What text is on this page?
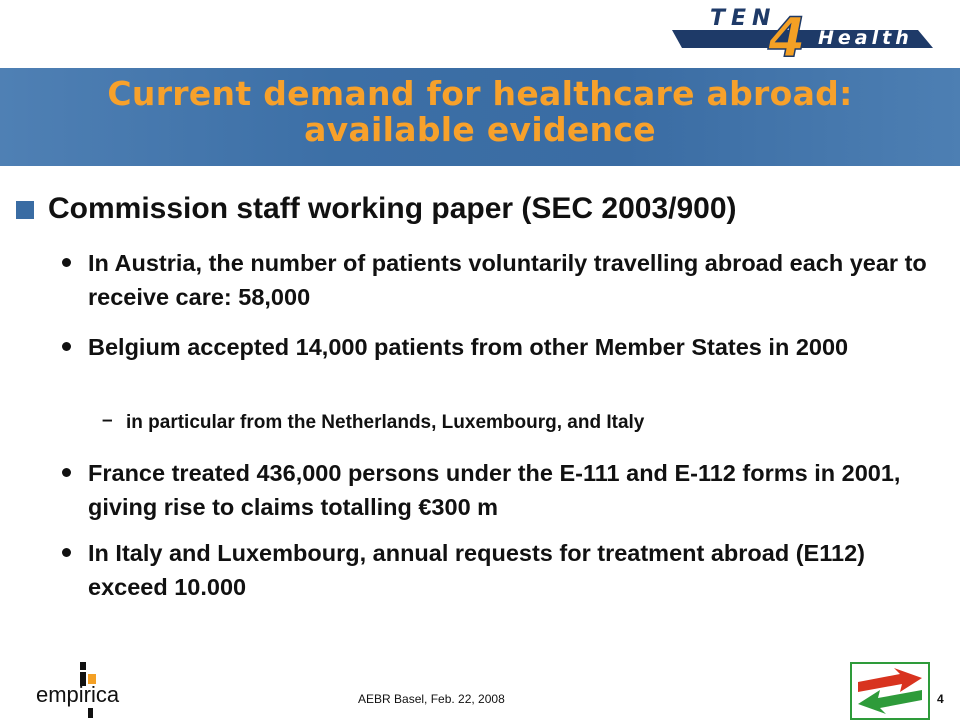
TEN
4 Health
Current demand for healthcare abroad:
available evidence
Commission staff working paper (SEC 2003/900)
In Austria, the number of patients voluntarily travelling abroad each year to receive care: 58,000
Belgium accepted 14,000 patients from other Member States in 2000
– in particular from the Netherlands, Luxembourg, and Italy
France treated 436,000 persons under the E-111 and E-112 forms in 2001, giving rise to claims totalling €300 m
In Italy and Luxembourg, annual requests for treatment abroad (E112) exceed 10.000
empirica	AEBR Basel, Feb. 22, 2008	4
